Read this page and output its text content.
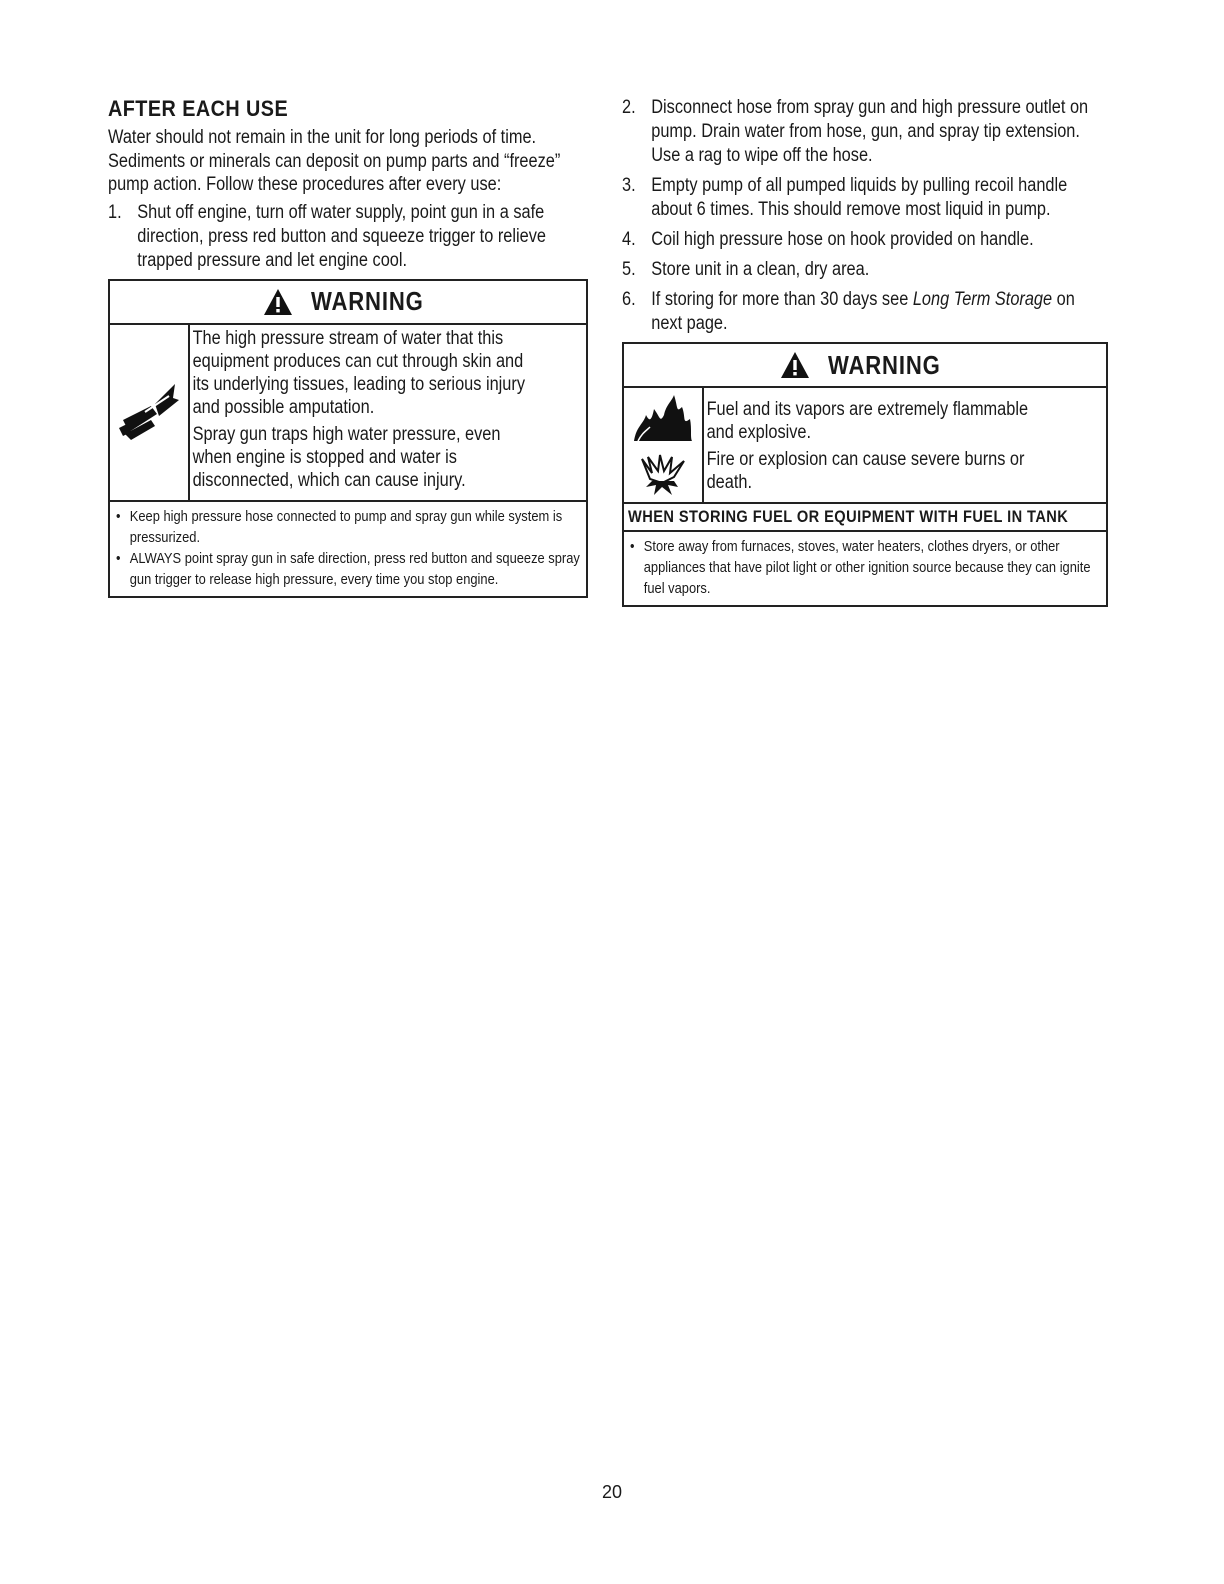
AFTER EACH USE

Water should not remain in the unit for long periods of time. Sediments or minerals can deposit on pump parts and “freeze” pump action. Follow these procedures after every use:

1. Shut off engine, turn off water supply, point gun in a safe direction, press red button and squeeze trigger to relieve trapped pressure and let engine cool.
WARNING

The high pressure stream of water that this equipment produces can cut through skin and its underlying tissues, leading to serious injury and possible amputation.

Spray gun traps high water pressure, even when engine is stopped and water is disconnected, which can cause injury.

• Keep high pressure hose connected to pump and spray gun while system is pressurized.
• ALWAYS point spray gun in safe direction, press red button and squeeze spray gun trigger to release high pressure, every time you stop engine.
2. Disconnect hose from spray gun and high pressure outlet on pump. Drain water from hose, gun, and spray tip extension. Use a rag to wipe off the hose.
3. Empty pump of all pumped liquids by pulling recoil handle about 6 times. This should remove most liquid in pump.
4. Coil high pressure hose on hook provided on handle.
5. Store unit in a clean, dry area.
6. If storing for more than 30 days see Long Term Storage on next page.
WARNING

Fuel and its vapors are extremely flammable and explosive.

Fire or explosion can cause severe burns or death.

WHEN STORING FUEL OR EQUIPMENT WITH FUEL IN TANK
• Store away from furnaces, stoves, water heaters, clothes dryers, or other appliances that have pilot light or other ignition source because they can ignite fuel vapors.
20
